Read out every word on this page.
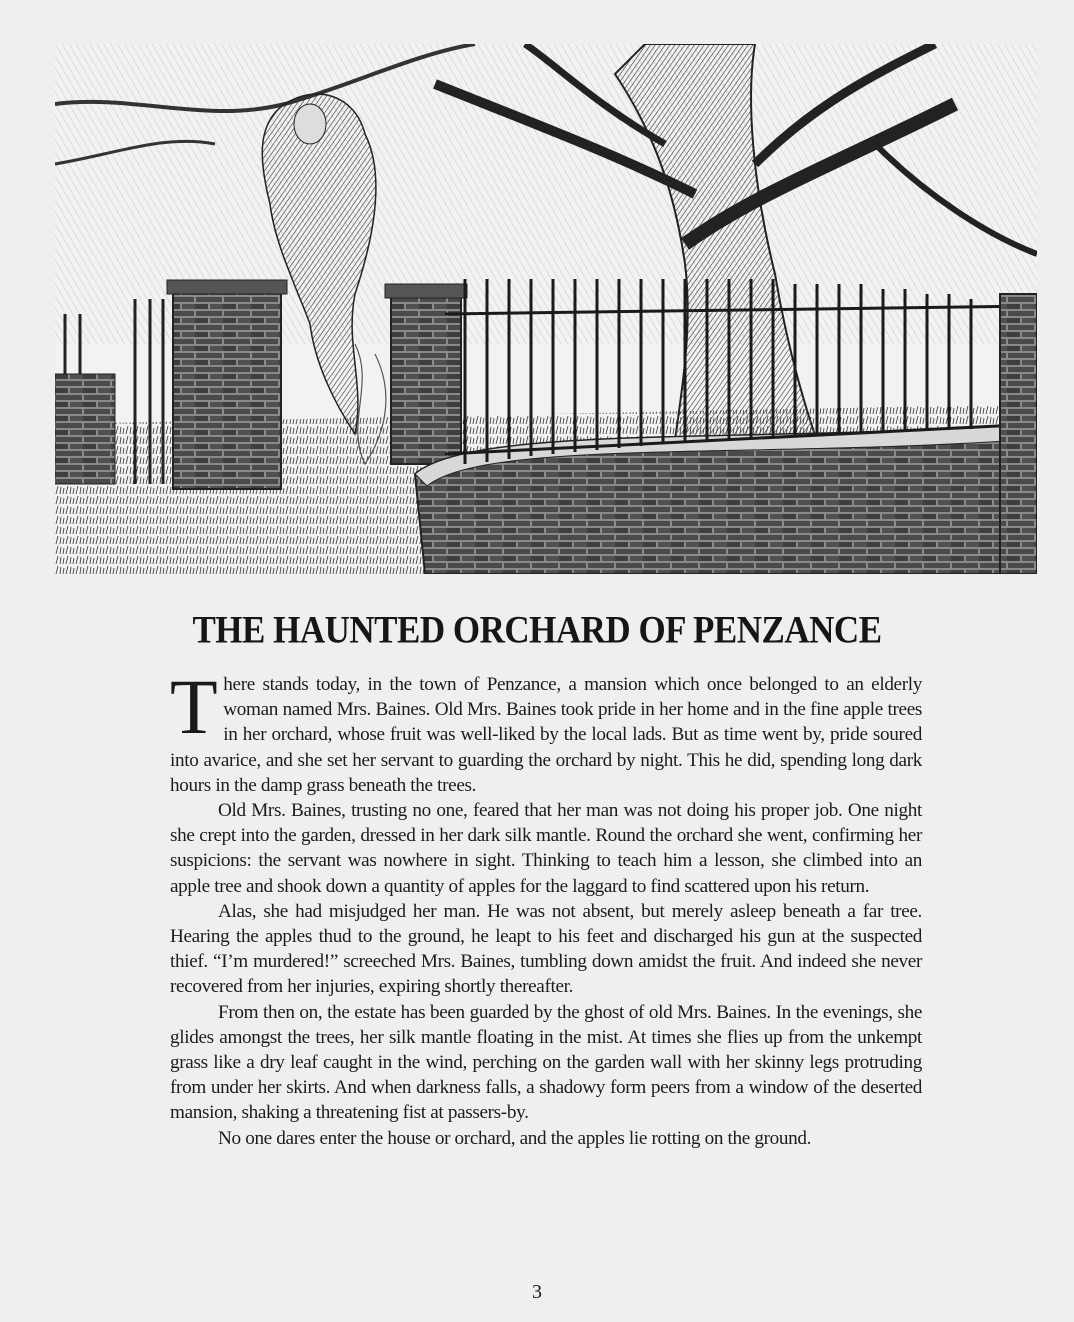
THE HAUNTED ORCHARD OF PENZANCE

There stands today, in the town of Penzance, a mansion which once belonged to an elderly woman named Mrs. Baines. Old Mrs. Baines took pride in her home and in the fine apple trees in her orchard, whose fruit was well-liked by the local lads. But as time went by, pride soured into avarice, and she set her servant to guarding the orchard by night. This he did, spending long dark hours in the damp grass beneath the trees.

Old Mrs. Baines, trusting no one, feared that her man was not doing his proper job. One night she crept into the garden, dressed in her dark silk mantle. Round the orchard she went, confirming her suspicions: the servant was nowhere in sight. Thinking to teach him a lesson, she climbed into an apple tree and shook down a quantity of apples for the laggard to find scattered upon his return.

Alas, she had misjudged her man. He was not absent, but merely asleep beneath a far tree. Hearing the apples thud to the ground, he leapt to his feet and discharged his gun at the suspected thief. “I’m murdered!” screeched Mrs. Baines, tumbling down amidst the fruit. And indeed she never recovered from her injuries, expiring shortly thereafter.

From then on, the estate has been guarded by the ghost of old Mrs. Baines. In the evenings, she glides amongst the trees, her silk mantle floating in the mist. At times she flies up from the unkempt grass like a dry leaf caught in the wind, perching on the garden wall with her skinny legs protruding from under her skirts. And when darkness falls, a shadowy form peers from a window of the deserted mansion, shaking a threatening fist at passers-by.

No one dares enter the house or orchard, and the apples lie rotting on the ground.

3
